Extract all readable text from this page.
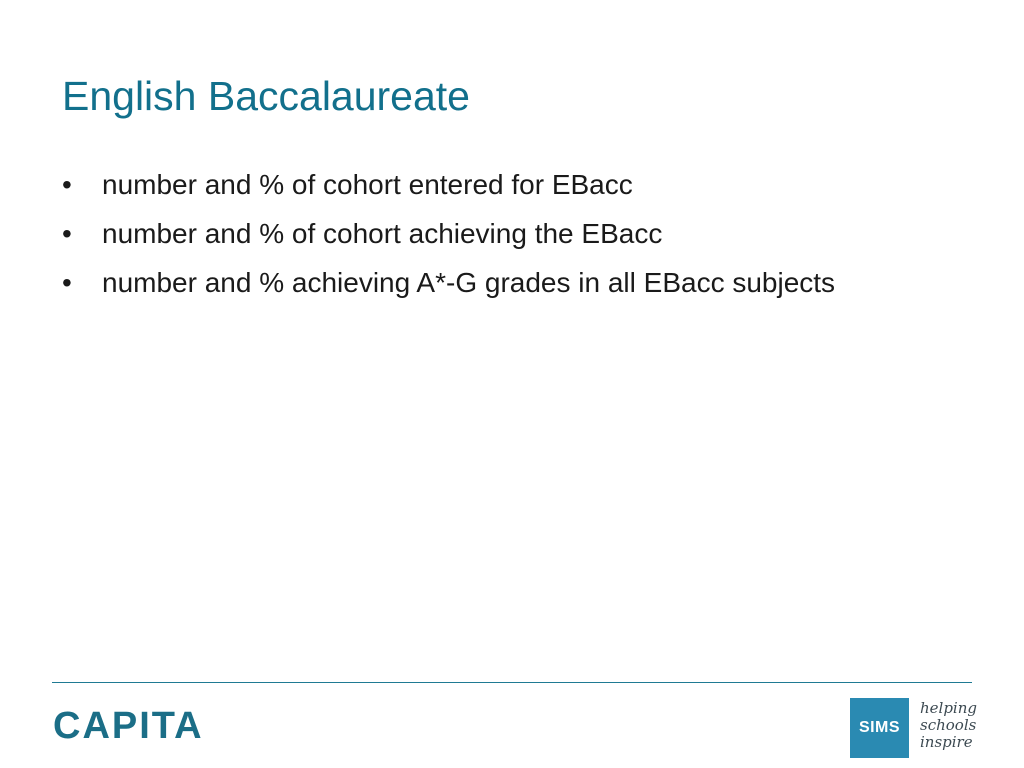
English Baccalaureate
•	number and % of cohort entered for EBacc
•	number and % of cohort achieving the EBacc
•	number and % achieving A*-G grades in all EBacc subjects
CAPITA	SIMS
helping
schools
inspire
